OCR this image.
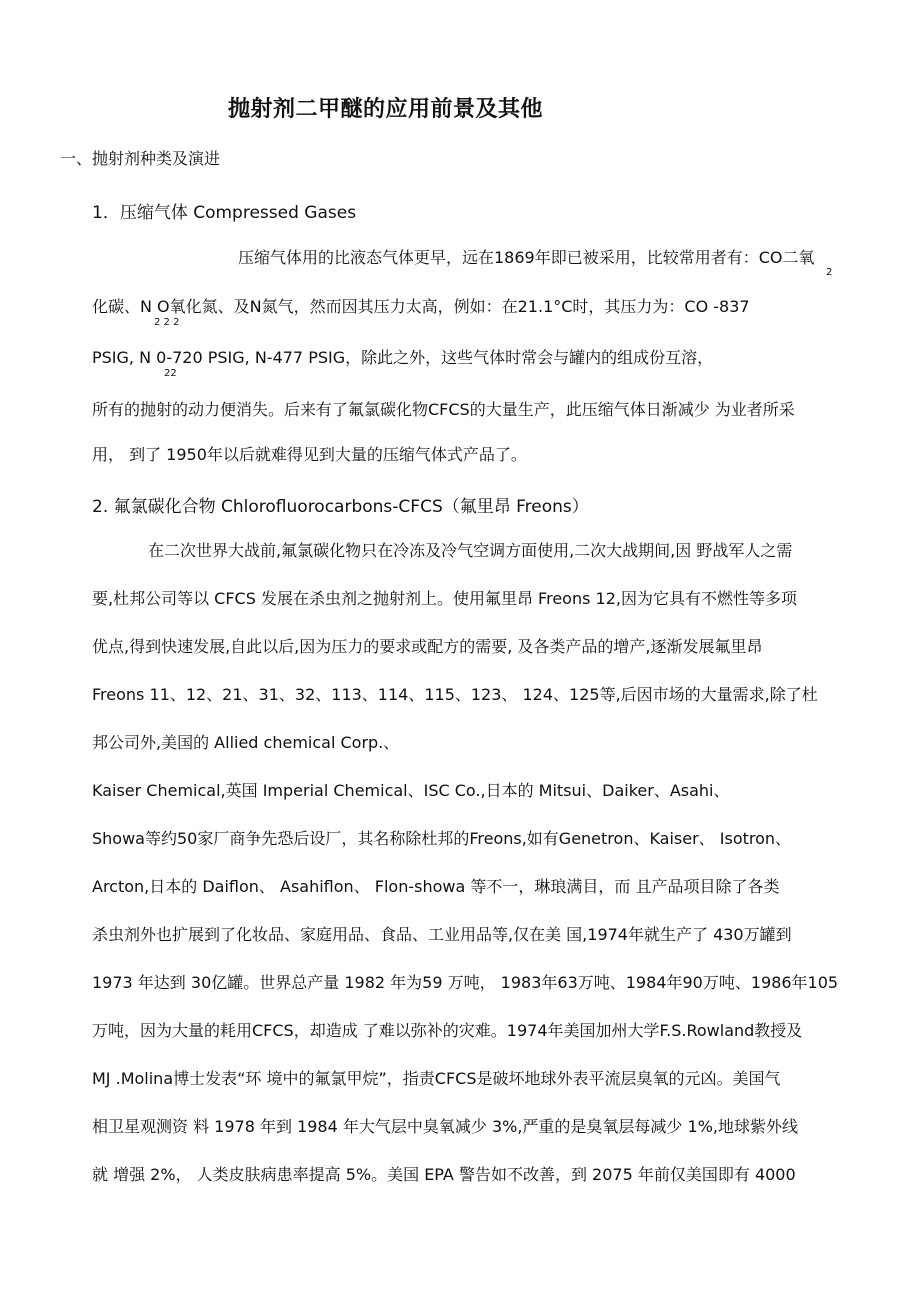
抛射剂二甲醚的应用前景及其他
一、抛射剂种类及演进
1．压缩气体 Compressed Gases
压缩气体用的比液态气体更早，远在1869年即已被采用，比较常用者有：CO二氧
2
化碳、N O氧化氮、及N氮气，然而因其压力太高，例如：在21.1°C时，其压力为：CO -837
2 2 2
PSIG, N 0-720 PSIG, N-477 PSIG，除此之外，这些气体时常会与罐内的组成份互溶，
22
所有的抛射的动力便消失。后来有了氟氯碳化物CFCS的大量生产，此压缩气体日渐减少 为业者所采
用， 到了 1950年以后就难得见到大量的压缩气体式产品了。
2. 氟氯碳化合物 Chlorofluorocarbons-CFCS（氟里昂 Freons）
在二次世界大战前,氟氯碳化物只在冷冻及冷气空调方面使用,二次大战期间,因 野战军人之需
要,杜邦公司等以 CFCS 发展在杀虫剂之抛射剂上。使用氟里昂 Freons 12,因为它具有不燃性等多项
优点,得到快速发展,自此以后,因为压力的要求或配方的需要, 及各类产品的增产,逐渐发展氟里昂
Freons 11、12、21、31、32、113、114、115、123、 124、125等,后因市场的大量需求,除了杜
邦公司外,美国的 Allied chemical Corp.、
Kaiser Chemical,英国 Imperial Chemical、ISC Co.,日本的 Mitsui、Daiker、Asahi、
Showa等约50家厂商争先恐后设厂，其名称除杜邦的Freons,如有Genetron、Kaiser、 Isotron、
Arcton,日本的 Daiflon、 Asahiflon、 Flon-showa 等不一，琳琅满目，而 且产品项目除了各类
杀虫剂外也扩展到了化妆品、家庭用品、食品、工业用品等,仅在美 国,1974年就生产了 430万罐到
1973 年达到 30亿罐。世界总产量 1982 年为59 万吨， 1983年63万吨、1984年90万吨、1986年105
万吨，因为大量的耗用CFCS，却造成 了难以弥补的灾难。1974年美国加州大学F.S.Rowland教授及
MJ .Molina博士发表“环 境中的氟氯甲烷”，指责CFCS是破坏地球外表平流层臭氧的元凶。美国气
相卫星观测资 料 1978 年到 1984 年大气层中臭氧减少 3%,严重的是臭氧层每减少 1%,地球紫外线
就 增强 2%， 人类皮肤病患率提高 5%。美国 EPA 警告如不改善，到 2075 年前仅美国即有 4000
